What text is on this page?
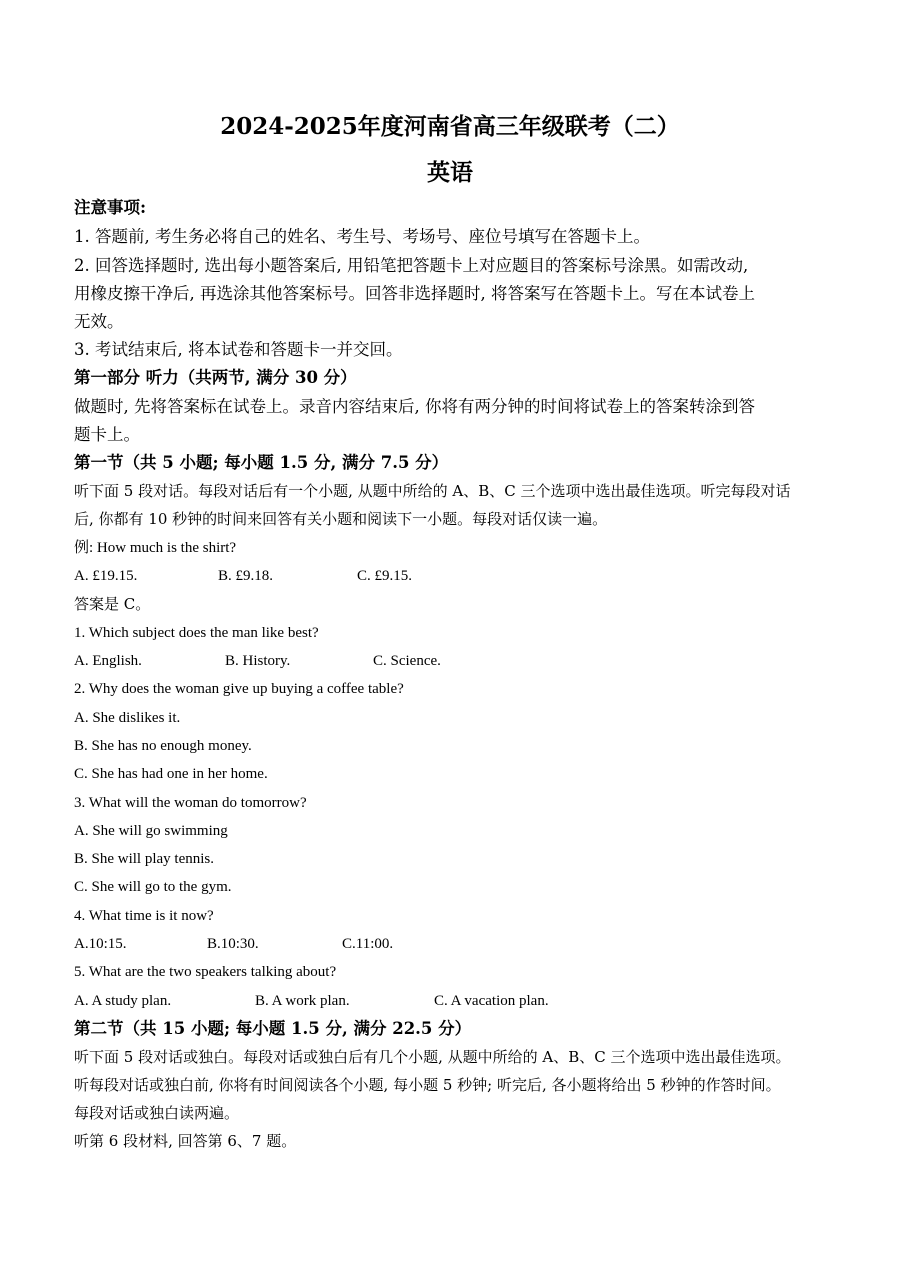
2024-2025年度河南省高三年级联考（二）
英语
注意事项:
1. 答题前, 考生务必将自己的姓名、考生号、考场号、座位号填写在答题卡上。
2. 回答选择题时, 选出每小题答案后, 用铅笔把答题卡上对应题目的答案标号涂黑。如需改动,
用橡皮擦干净后, 再选涂其他答案标号。回答非选择题时, 将答案写在答题卡上。写在本试卷上
无效。
3. 考试结束后, 将本试卷和答题卡一并交回。
第一部分 听力（共两节, 满分 30 分）
做题时, 先将答案标在试卷上。录音内容结束后, 你将有两分钟的时间将试卷上的答案转涂到答
题卡上。
第一节（共 5 小题; 每小题 1.5 分, 满分 7.5 分）
听下面 5 段对话。每段对话后有一个小题, 从题中所给的 A、B、C 三个选项中选出最佳选项。听完每段对话
后, 你都有 10 秒钟的时间来回答有关小题和阅读下一小题。每段对话仅读一遍。
例: How much is the shirt?
A. £19.15.	B. £9.18.	C. £9.15.
答案是 C。
1. Which subject does the man like best?
A. English.	B. History.	C. Science.
2. Why does the woman give up buying a coffee table?
A. She dislikes it.
B. She has no enough money.
C. She has had one in her home.
3. What will the woman do tomorrow?
A. She will go swimming
B. She will play tennis.
C. She will go to the gym.
4. What time is it now?
A.10:15.	B.10:30.	C.11:00.
5. What are the two speakers talking about?
A. A study plan.	B. A work plan.	C. A vacation plan.
第二节（共 15 小题; 每小题 1.5 分, 满分 22.5 分）
听下面 5 段对话或独白。每段对话或独白后有几个小题, 从题中所给的 A、B、C 三个选项中选出最佳选项。
听每段对话或独白前, 你将有时间阅读各个小题, 每小题 5 秒钟; 听完后, 各小题将给出 5 秒钟的作答时间。
每段对话或独白读两遍。
听第 6 段材料, 回答第 6、7 题。
